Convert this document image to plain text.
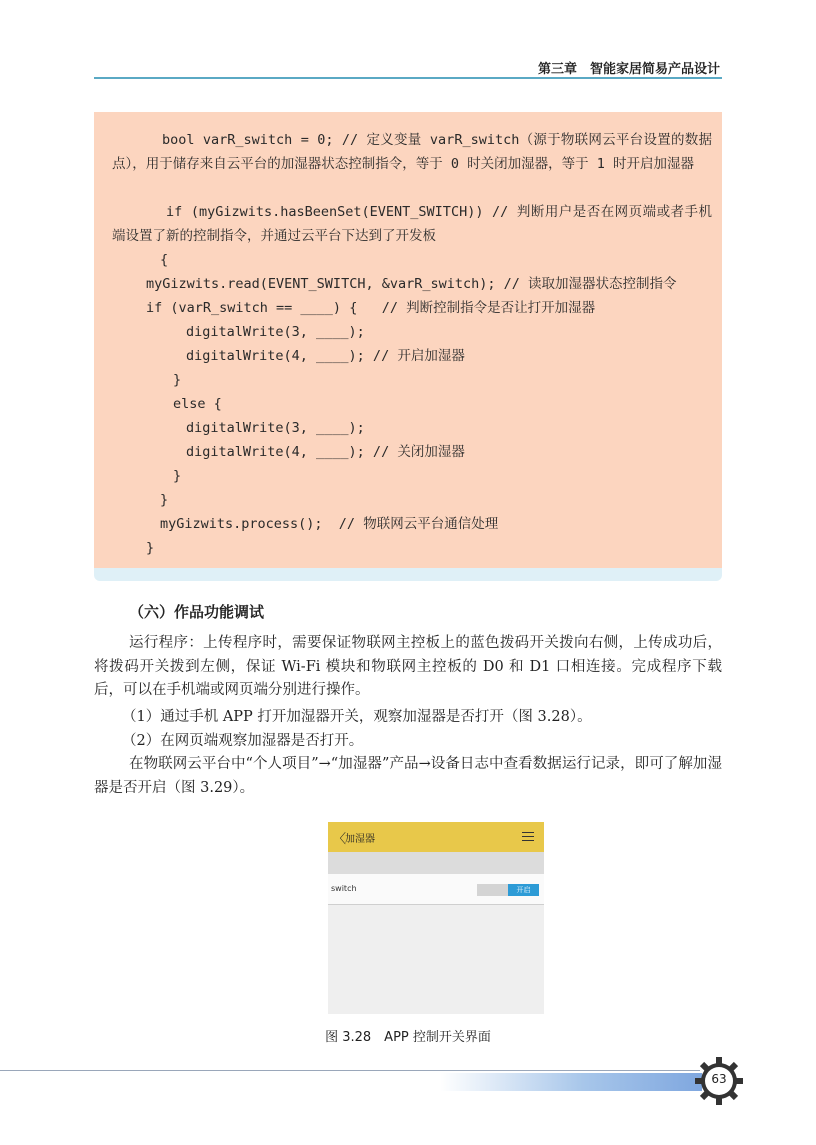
第三章　智能家居简易产品设计
bool varR_switch = 0; // 定义变量 varR_switch（源于物联网云平台设置的数据点），用于储存来自云平台的加湿器状态控制指令，等于 0 时关闭加湿器，等于 1 时开启加湿器
if (myGizwits.hasBeenSet(EVENT_SWITCH)) // 判断用户是否在网页端或者手机端设置了新的控制指令，并通过云平台下达到了开发板
{
myGizwits.read(EVENT_SWITCH, &varR_switch); // 读取加湿器状态控制指令
if (varR_switch == ____) {   // 判断控制指令是否让打开加湿器
digitalWrite(3, ____);
digitalWrite(4, ____); // 开启加湿器
}
else {
digitalWrite(3, ____);
digitalWrite(4, ____); // 关闭加湿器
}
}
myGizwits.process();  // 物联网云平台通信处理
}
（六）作品功能调试
运行程序：上传程序时，需要保证物联网主控板上的蓝色拨码开关拨向右侧，上传成功后，将拨码开关拨到左侧，保证 Wi-Fi 模块和物联网主控板的 D0 和 D1 口相连接。完成程序下载后，可以在手机端或网页端分别进行操作。
（1）通过手机 APP 打开加湿器开关，观察加湿器是否打开（图 3.28）。
（2）在网页端观察加湿器是否打开。
在物联网云平台中“个人项目”→“加湿器”产品→设备日志中查看数据运行记录，即可了解加湿器是否开启（图 3.29）。
〈
加湿器
switch	开启
图 3.28　APP 控制开关界面
63
